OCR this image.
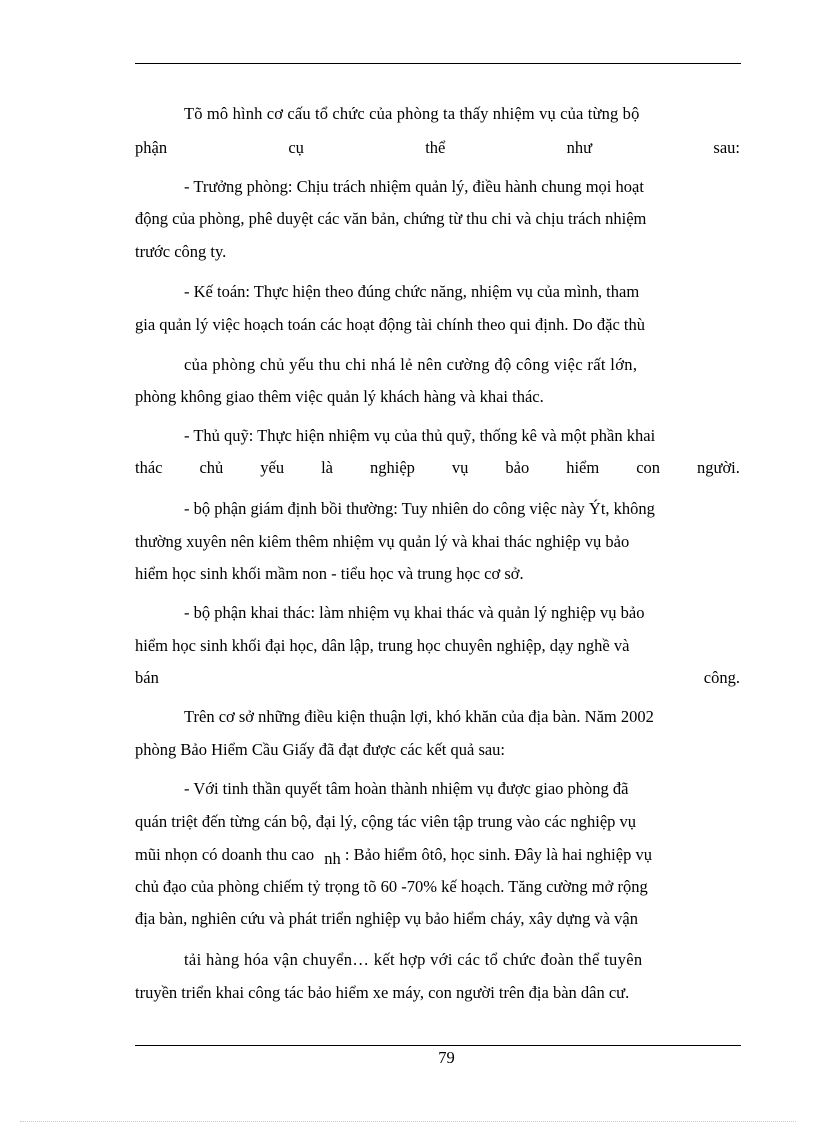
Tõ mô hình cơ cấu tổ chức của phòng ta thấy nhiệm vụ của từng bộ
phận	cụ	thể	như	sau:
- Trưởng phòng: Chịu trách nhiệm quản lý, điều hành chung mọi hoạt
động của phòng, phê duyệt các văn bản, chứng từ thu chi và chịu trách nhiệm
trước công ty.
- Kế toán: Thực hiện theo đúng chức năng, nhiệm vụ của mình, tham
gia quản lý việc hoạch toán các hoạt động tài chính theo qui định. Do đặc thù
của phòng chủ yếu thu chi nhá lẻ nên cường độ công việc rất lớn,
phòng không giao thêm việc quản lý khách hàng và khai thác.
- Thủ quỹ: Thực hiện nhiệm vụ của thủ quỹ, thống kê và một phần khai
thác chủ yếu là nghiệp vụ bảo hiểm con người.
- bộ phận giám định bồi thường: Tuy nhiên do công việc này Ýt, không
thường xuyên nên kiêm thêm nhiệm vụ quản lý và khai thác nghiệp vụ bảo
hiểm học sinh khối mầm non - tiểu học và trung học cơ sở.
- bộ phận khai thác: làm nhiệm vụ khai thác và quản lý nghiệp vụ bảo
hiểm học sinh khối đại học, dân lập, trung học chuyên nghiệp, dạy nghề và
bán	công.
Trên cơ sở những điều kiện thuận lợi, khó khăn của địa bàn. Năm 2002
phòng Bảo Hiểm Cầu Giấy đã đạt được các kết quả sau:
- Với tinh thần quyết tâm hoàn thành nhiệm vụ được giao phòng đã
quán triệt đến từng cán bộ, đại lý, cộng tác viên tập trung vào các nghiệp vụ
mũi nhọn có doanh thu cao nh : Bảo hiểm ôtô, học sinh. Đây là hai nghiệp vụ
chủ đạo của phòng chiếm tỷ trọng tõ 60 -70% kế hoạch. Tăng cường mở rộng
địa bàn, nghiên cứu và phát triển nghiệp vụ bảo hiểm cháy, xây dựng và vận
tải hàng hóa vận chuyển… kết hợp với các tổ chức đoàn thể tuyên
truyền triển khai công tác bảo hiểm xe máy, con người trên địa bàn dân cư.
79
